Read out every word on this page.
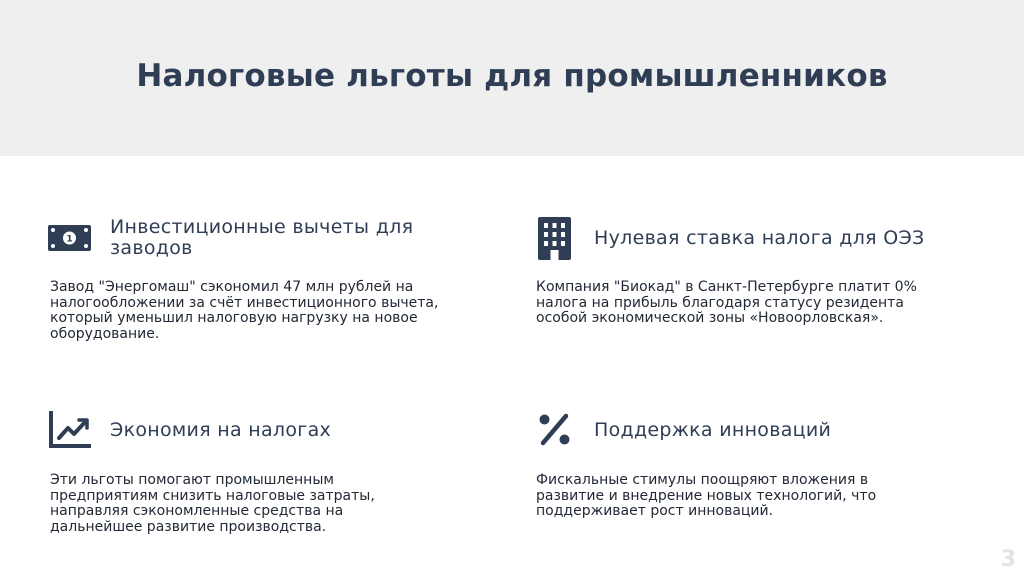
Налоговые льготы для промышленников
1
Инвестиционные вычеты для заводов
Завод "Энергомаш" сэкономил 47 млн рублей на налогообложении за счёт инвестиционного вычета, который уменьшил налоговую нагрузку на новое оборудование.
Нулевая ставка налога для ОЭЗ
Компания "Биокад" в Санкт-Петербурге платит 0% налога на прибыль благодаря статусу резидента особой экономической зоны «Новоорловская».
Экономия на налогах
Эти льготы помогают промышленным предприятиям снизить налоговые затраты, направляя сэкономленные средства на дальнейшее развитие производства.
Поддержка инноваций
Фискальные стимулы поощряют вложения в развитие и внедрение новых технологий, что поддерживает рост инноваций.
3
